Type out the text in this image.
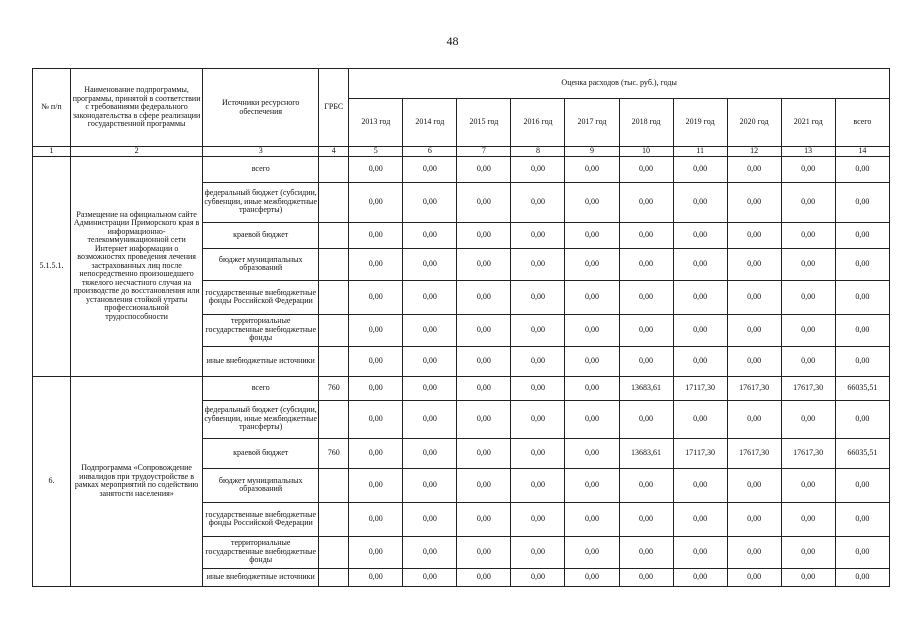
48
№ п/п	Наименование подпрограммы, программы, принятой в соответствии с требованиями федерального законодательства в сфере реализации государственной программы	Источники ресурсного обеспечения	ГРБС	Оценка расходов (тыс. руб.), годы									
				2013 год	2014 год	2015 год	2016 год	2017 год	2018 год	2019 год	2020 год	2021 год	всего
1	2	3	4	5	6	7	8	9	10	11	12	13	14
5.1.5.1.	Размещение на официальном сайте Администрации Приморского края в информационно-телекоммуникационной сети Интернет информации о возможностях проведения лечения застрахованных лиц после непосредственно произошедшего тяжелого несчастного случая на производстве до восстановления или установления стойкой утраты профессиональной трудоспособности	всего		0,00	0,00	0,00	0,00	0,00	0,00	0,00	0,00	0,00	0,00
		федеральный бюджет (субсидии, субвенции, иные межбюджетные трансферты)		0,00	0,00	0,00	0,00	0,00	0,00	0,00	0,00	0,00	0,00
		краевой бюджет		0,00	0,00	0,00	0,00	0,00	0,00	0,00	0,00	0,00	0,00
		бюджет муниципальных образований		0,00	0,00	0,00	0,00	0,00	0,00	0,00	0,00	0,00	0,00
		государственные внебюджетные фонды Российской Федерации		0,00	0,00	0,00	0,00	0,00	0,00	0,00	0,00	0,00	0,00
		территориальные государственные внебюджетные фонды		0,00	0,00	0,00	0,00	0,00	0,00	0,00	0,00	0,00	0,00
		иные внебюджетные источники		0,00	0,00	0,00	0,00	0,00	0,00	0,00	0,00	0,00	0,00
6.	Подпрограмма «Сопровождение инвалидов при трудоустройстве в рамках мероприятий по содействию занятости населения»	всего	760	0,00	0,00	0,00	0,00	0,00	13683,61	17117,30	17617,30	17617,30	66035,51
		федеральный бюджет (субсидии, субвенции, иные межбюджетные трансферты)		0,00	0,00	0,00	0,00	0,00	0,00	0,00	0,00	0,00	0,00
		краевой бюджет	760	0,00	0,00	0,00	0,00	0,00	13683,61	17117,30	17617,30	17617,30	66035,51
		бюджет муниципальных образований		0,00	0,00	0,00	0,00	0,00	0,00	0,00	0,00	0,00	0,00
		государственные внебюджетные фонды Российской Федерации		0,00	0,00	0,00	0,00	0,00	0,00	0,00	0,00	0,00	0,00
		территориальные государственные внебюджетные фонды		0,00	0,00	0,00	0,00	0,00	0,00	0,00	0,00	0,00	0,00
		иные внебюджетные источники		0,00	0,00	0,00	0,00	0,00	0,00	0,00	0,00	0,00	0,00
